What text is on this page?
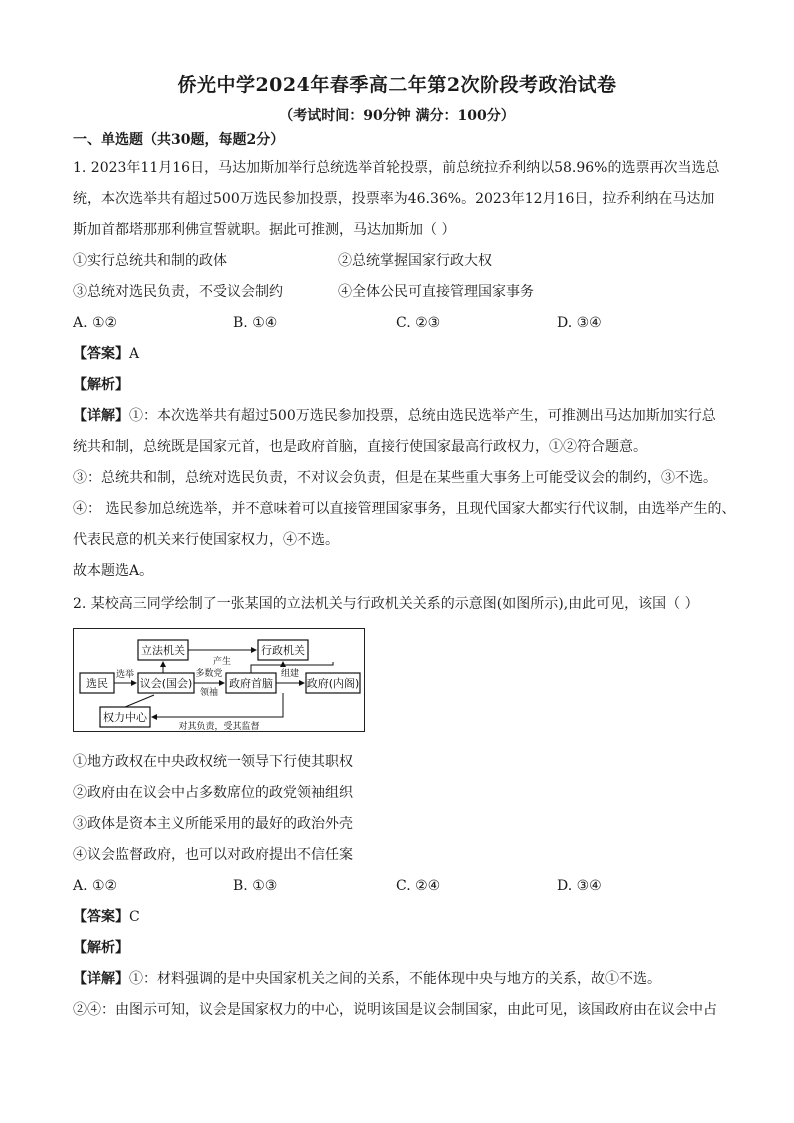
侨光中学2024年春季高二年第2次阶段考政治试卷
（考试时间：90分钟 满分：100分）
一、单选题（共30题，每题2分）
1. 2023年11月16日，马达加斯加举行总统选举首轮投票，前总统拉乔利纳以58.96%的选票再次当选总
统，本次选举共有超过500万选民参加投票，投票率为46.36%。2023年12月16日，拉乔利纳在马达加
斯加首都塔那那利佛宣誓就职。据此可推测，马达加斯加（ ）
①实行总统共和制的政体	②总统掌握国家行政大权
③总统对选民负责，不受议会制约	④全体公民可直接管理国家事务
A. ①②	B. ①④	C. ②③	D. ③④
【答案】A
【解析】
【详解】①：本次选举共有超过500万选民参加投票，总统由选民选举产生，可推测出马达加斯加实行总
统共和制，总统既是国家元首，也是政府首脑，直接行使国家最高行政权力，①②符合题意。
③：总统共和制，总统对选民负责，不对议会负责，但是在某些重大事务上可能受议会的制约，③不选。
④： 选民参加总统选举，并不意味着可以直接管理国家事务，且现代国家大都实行代议制，由选举产生的、
代表民意的机关来行使国家权力，④不选。
故本题选A。
2. 某校高三同学绘制了一张某国的立法机关与行政机关关系的示意图(如图所示),由此可见，该国（ ）
立法机关	行政机关
选民	议会(国会)	政府首脑	政府(内阁)
权力中心
产生
选举	多数党
领袖
组建
对其负责，受其监督
①地方政权在中央政权统一领导下行使其职权
②政府由在议会中占多数席位的政党领袖组织
③政体是资本主义所能采用的最好的政治外壳
④议会监督政府，也可以对政府提出不信任案
A. ①②	B. ①③	C. ②④	D. ③④
【答案】C
【解析】
【详解】①：材料强调的是中央国家机关之间的关系，不能体现中央与地方的关系，故①不选。
②④：由图示可知，议会是国家权力的中心，说明该国是议会制国家，由此可见，该国政府由在议会中占
